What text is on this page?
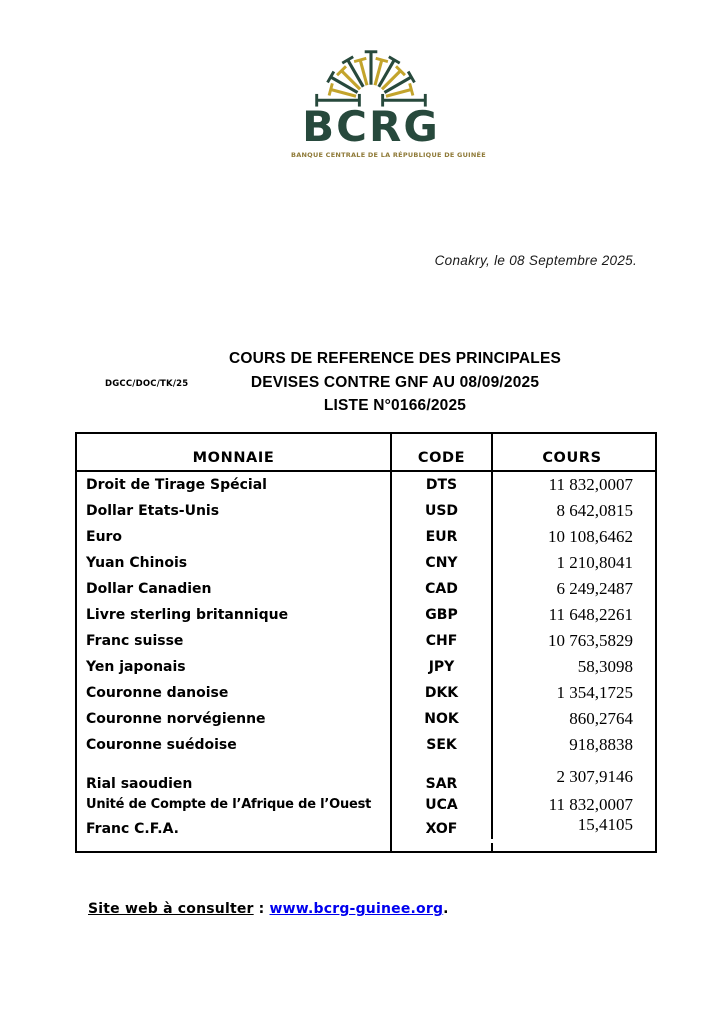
BCRG
BANQUE CENTRALE DE LA RÉPUBLIQUE DE GUINÉE
Conakry, le 08 Septembre 2025.
DGCC/DOC/TK/25
COURS DE REFERENCE DES PRINCIPALES
DEVISES CONTRE GNF AU 08/09/2025
LISTE N°0166/2025
MONNAIE	CODE	COURS
Droit de Tirage Spécial	DTS	11 832,0007
Dollar Etats-Unis	USD	8 642,0815
Euro	EUR	10 108,6462
Yuan Chinois	CNY	1 210,8041
Dollar Canadien	CAD	6 249,2487
Livre sterling britannique	GBP	11 648,2261
Franc suisse	CHF	10 763,5829
Yen japonais	JPY	58,3098
Couronne danoise	DKK	1 354,1725
Couronne norvégienne	NOK	860,2764
Couronne suédoise	SEK	918,8838
Rial saoudien	SAR	2 307,9146
Unité de Compte de l’Afrique de l’Ouest	UCA	11 832,0007
Franc C.F.A.	XOF	15,4105
Site web à consulter : www.bcrg-guinee.org.
